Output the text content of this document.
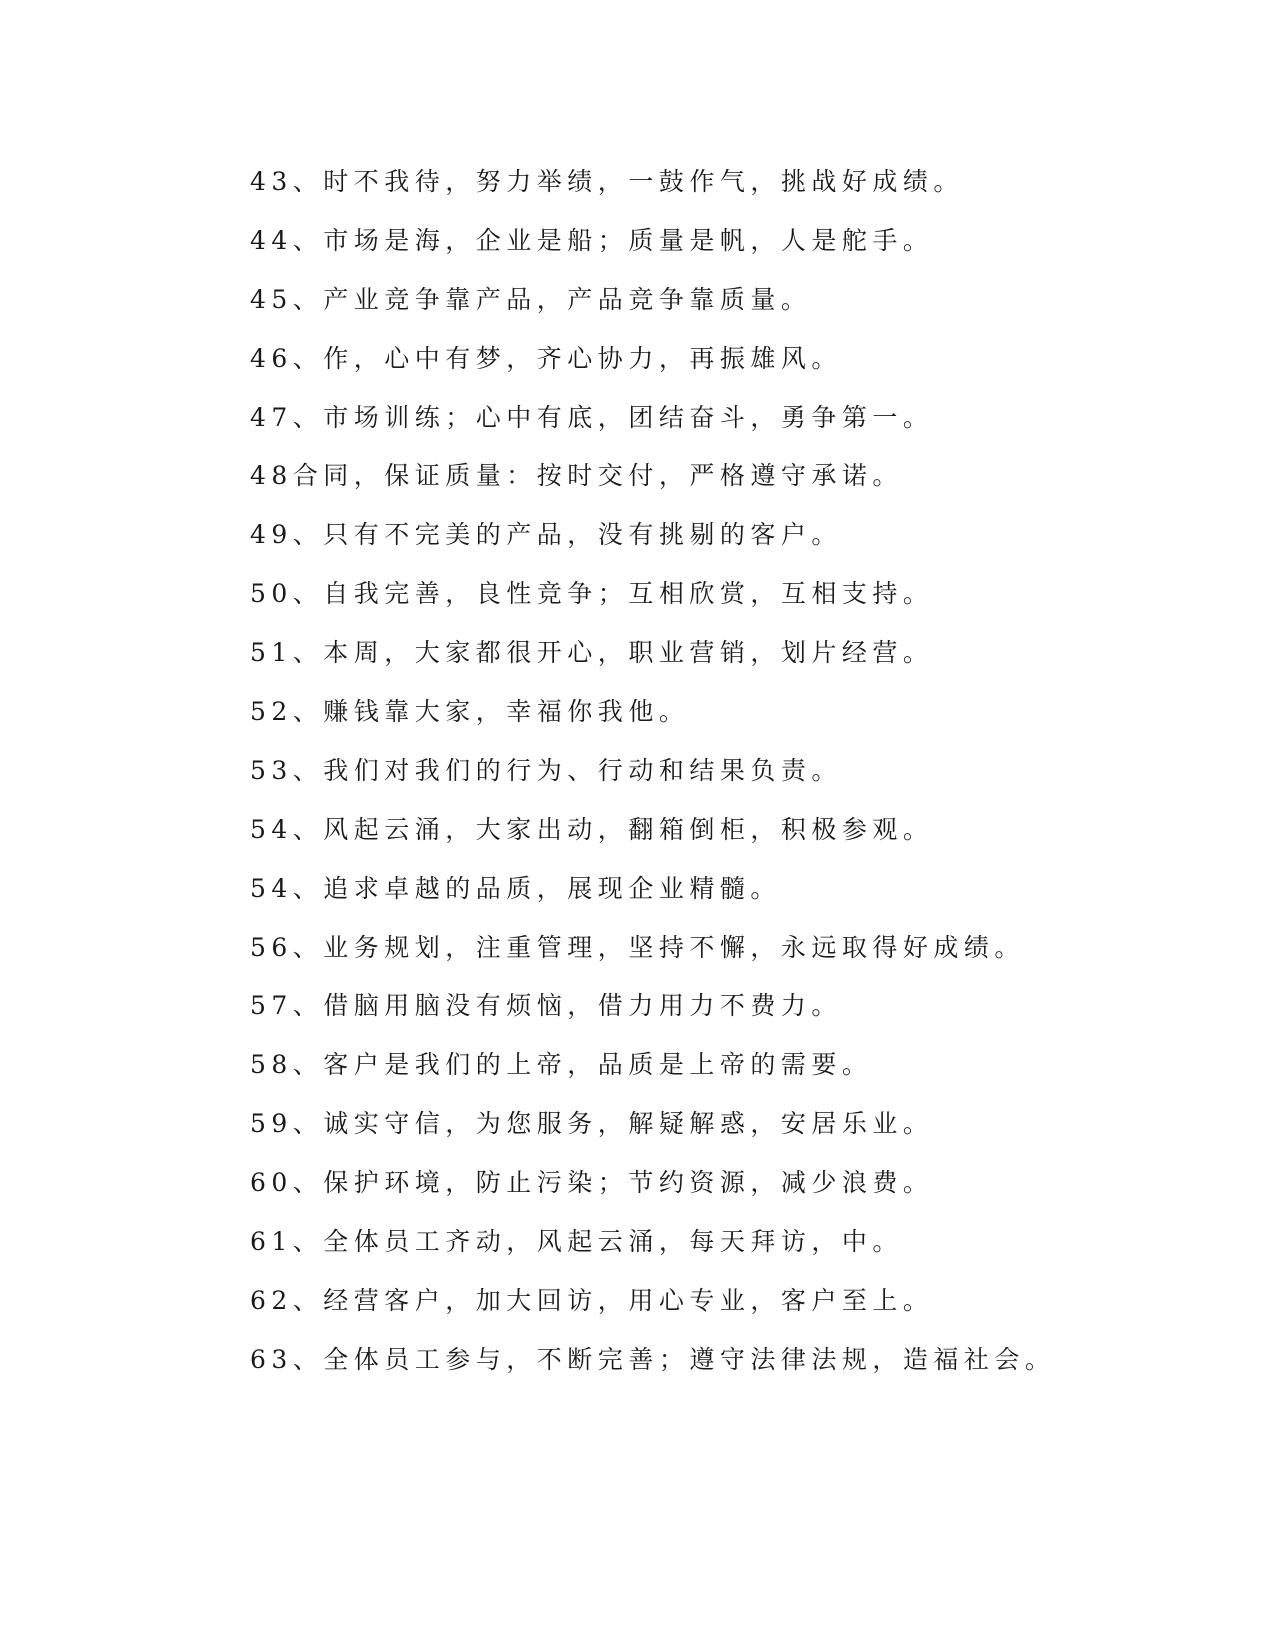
43、时不我待，努力举绩，一鼓作气，挑战好成绩。
44、市场是海，企业是船；质量是帆，人是舵手。
45、产业竞争靠产品，产品竞争靠质量。
46、作，心中有梦，齐心协力，再振雄风。
47、市场训练；心中有底，团结奋斗，勇争第一。
48合同，保证质量：按时交付，严格遵守承诺。
49、只有不完美的产品，没有挑剔的客户。
50、自我完善，良性竞争；互相欣赏，互相支持。
51、本周，大家都很开心，职业营销，划片经营。
52、赚钱靠大家，幸福你我他。
53、我们对我们的行为、行动和结果负责。
54、风起云涌，大家出动，翻箱倒柜，积极参观。
54、追求卓越的品质，展现企业精髓。
56、业务规划，注重管理，坚持不懈，永远取得好成绩。
57、借脑用脑没有烦恼，借力用力不费力。
58、客户是我们的上帝，品质是上帝的需要。
59、诚实守信，为您服务，解疑解惑，安居乐业。
60、保护环境，防止污染；节约资源，减少浪费。
61、全体员工齐动，风起云涌，每天拜访，中。
62、经营客户，加大回访，用心专业，客户至上。
63、全体员工参与，不断完善；遵守法律法规，造福社会。
